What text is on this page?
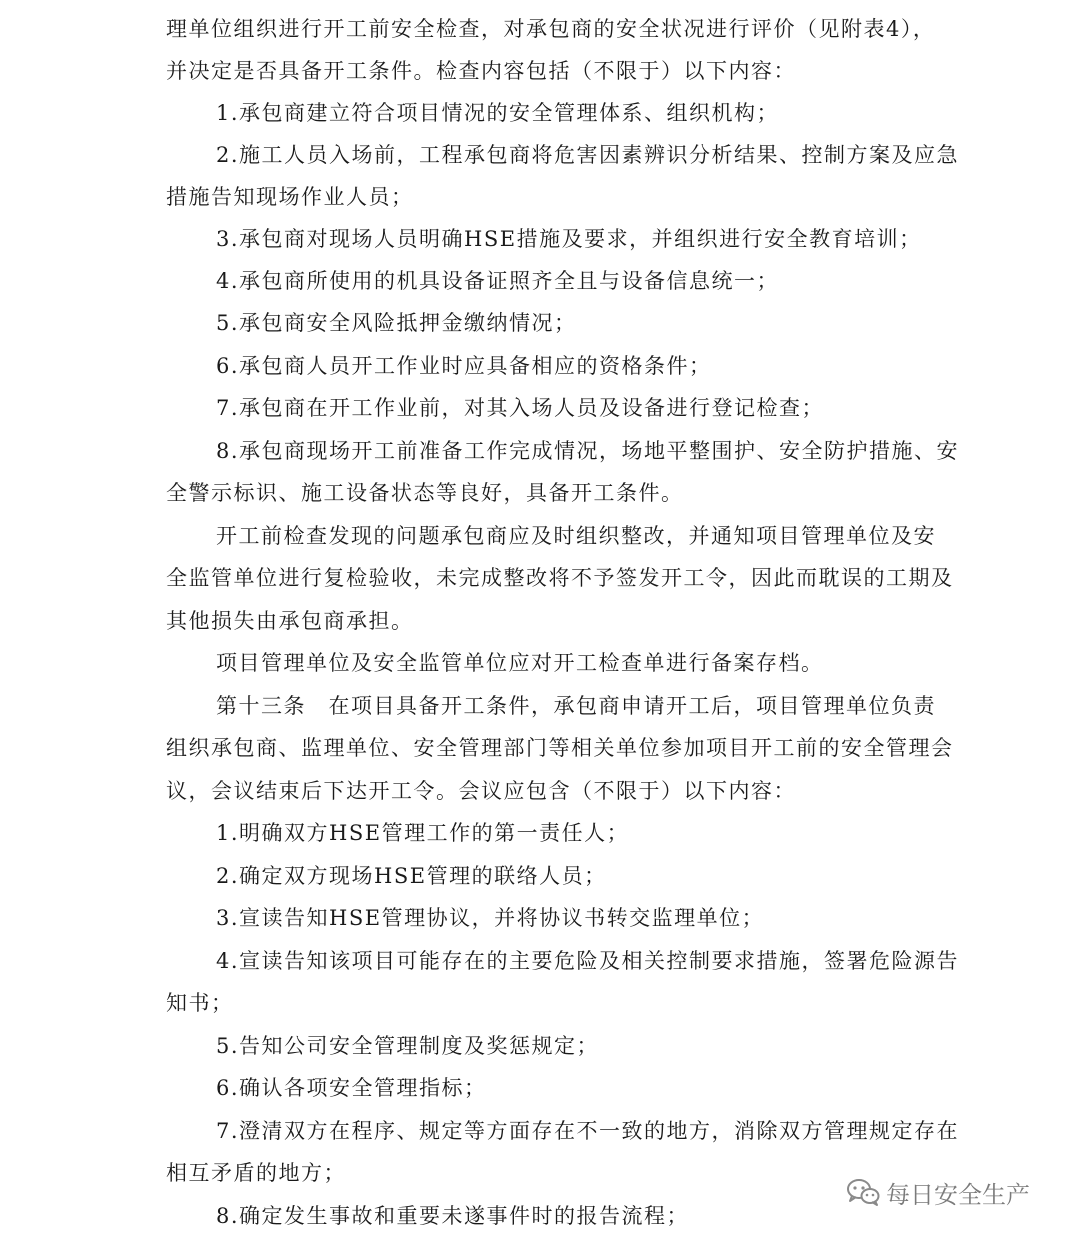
理单位组织进行开工前安全检查，对承包商的安全状况进行评价（见附表4），
并决定是否具备开工条件。检查内容包括（不限于）以下内容：
1.承包商建立符合项目情况的安全管理体系、组织机构；
2.施工人员入场前，工程承包商将危害因素辨识分析结果、控制方案及应急
措施告知现场作业人员；
3.承包商对现场人员明确HSE措施及要求，并组织进行安全教育培训；
4.承包商所使用的机具设备证照齐全且与设备信息统一；
5.承包商安全风险抵押金缴纳情况；
6.承包商人员开工作业时应具备相应的资格条件；
7.承包商在开工作业前，对其入场人员及设备进行登记检查；
8.承包商现场开工前准备工作完成情况，场地平整围护、安全防护措施、安
全警示标识、施工设备状态等良好，具备开工条件。
开工前检查发现的问题承包商应及时组织整改，并通知项目管理单位及安
全监管单位进行复检验收，未完成整改将不予签发开工令，因此而耽误的工期及
其他损失由承包商承担。
项目管理单位及安全监管单位应对开工检查单进行备案存档。
第十三条　在项目具备开工条件，承包商申请开工后，项目管理单位负责
组织承包商、监理单位、安全管理部门等相关单位参加项目开工前的安全管理会
议，会议结束后下达开工令。会议应包含（不限于）以下内容：
1.明确双方HSE管理工作的第一责任人；
2.确定双方现场HSE管理的联络人员；
3.宣读告知HSE管理协议，并将协议书转交监理单位；
4.宣读告知该项目可能存在的主要危险及相关控制要求措施，签署危险源告
知书；
5.告知公司安全管理制度及奖惩规定；
6.确认各项安全管理指标；
7.澄清双方在程序、规定等方面存在不一致的地方，消除双方管理规定存在
相互矛盾的地方；
8.确定发生事故和重要未遂事件时的报告流程；
每日安全生产
